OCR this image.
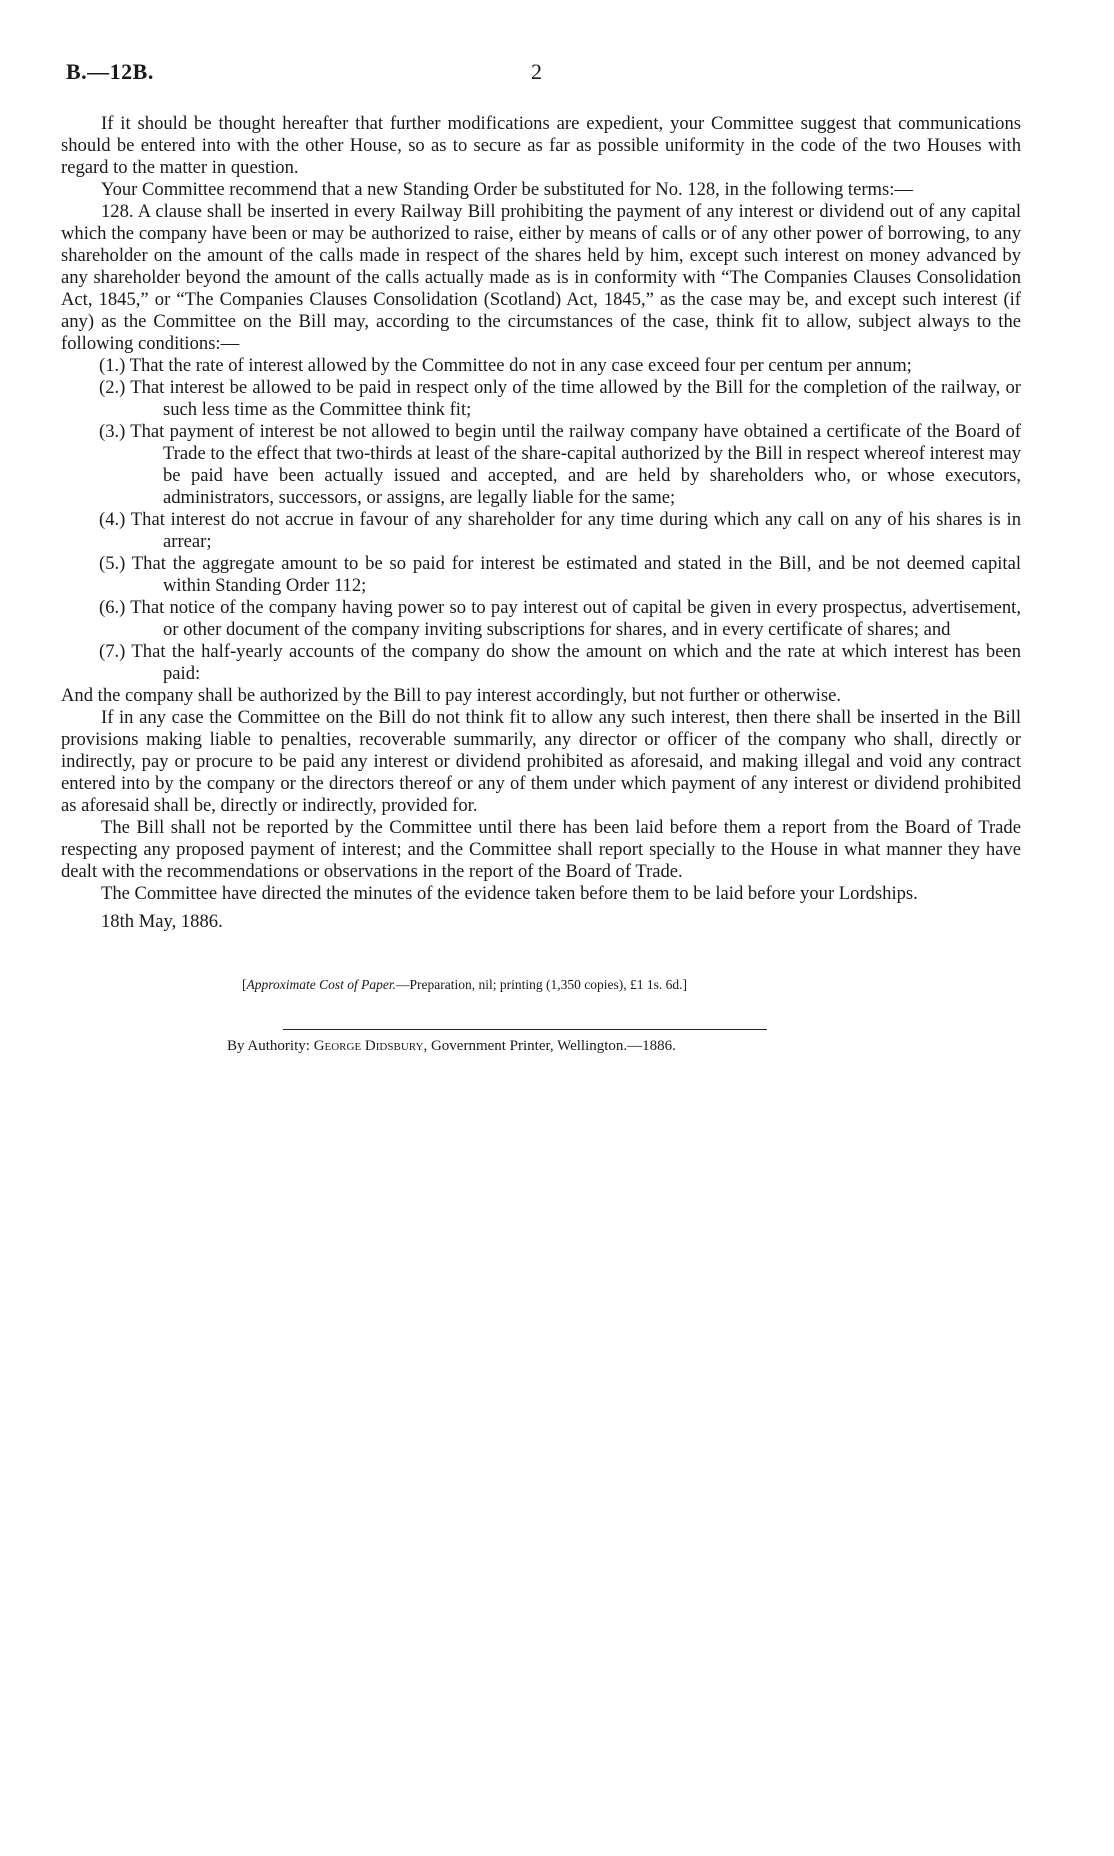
B.—12B.	2

If it should be thought hereafter that further modifications are expedient, your Committee suggest that communications should be entered into with the other House, so as to secure as far as possible uniformity in the code of the two Houses with regard to the matter in question.

Your Committee recommend that a new Standing Order be substituted for No. 128, in the following terms:—

128. A clause shall be inserted in every Railway Bill prohibiting the payment of any interest or dividend out of any capital which the company have been or may be authorized to raise, either by means of calls or of any other power of borrowing, to any shareholder on the amount of the calls made in respect of the shares held by him, except such interest on money advanced by any shareholder beyond the amount of the calls actually made as is in conformity with “The Companies Clauses Consolidation Act, 1845,” or “The Companies Clauses Consolidation (Scotland) Act, 1845,” as the case may be, and except such interest (if any) as the Committee on the Bill may, according to the circumstances of the case, think fit to allow, subject always to the following conditions:—

(1.) That the rate of interest allowed by the Committee do not in any case exceed four per centum per annum;

(2.) That interest be allowed to be paid in respect only of the time allowed by the Bill for the completion of the railway, or such less time as the Committee think fit;

(3.) That payment of interest be not allowed to begin until the railway company have obtained a certificate of the Board of Trade to the effect that two-thirds at least of the share-capital authorized by the Bill in respect whereof interest may be paid have been actually issued and accepted, and are held by shareholders who, or whose executors, administrators, successors, or assigns, are legally liable for the same;

(4.) That interest do not accrue in favour of any shareholder for any time during which any call on any of his shares is in arrear;

(5.) That the aggregate amount to be so paid for interest be estimated and stated in the Bill, and be not deemed capital within Standing Order 112;

(6.) That notice of the company having power so to pay interest out of capital be given in every prospectus, advertisement, or other document of the company inviting subscriptions for shares, and in every certificate of shares; and

(7.) That the half-yearly accounts of the company do show the amount on which and the rate at which interest has been paid:

And the company shall be authorized by the Bill to pay interest accordingly, but not further or otherwise.

If in any case the Committee on the Bill do not think fit to allow any such interest, then there shall be inserted in the Bill provisions making liable to penalties, recoverable summarily, any director or officer of the company who shall, directly or indirectly, pay or procure to be paid any interest or dividend prohibited as aforesaid, and making illegal and void any contract entered into by the company or the directors thereof or any of them under which payment of any interest or dividend prohibited as aforesaid shall be, directly or indirectly, provided for.

The Bill shall not be reported by the Committee until there has been laid before them a report from the Board of Trade respecting any proposed payment of interest; and the Committee shall report specially to the House in what manner they have dealt with the recommendations or observations in the report of the Board of Trade.

The Committee have directed the minutes of the evidence taken before them to be laid before your Lordships.

18th May, 1886.

[Approximate Cost of Paper.—Preparation, nil; printing (1,350 copies), £1 1s. 6d.]
By Authority: George Didsbury, Government Printer, Wellington.—1886.
